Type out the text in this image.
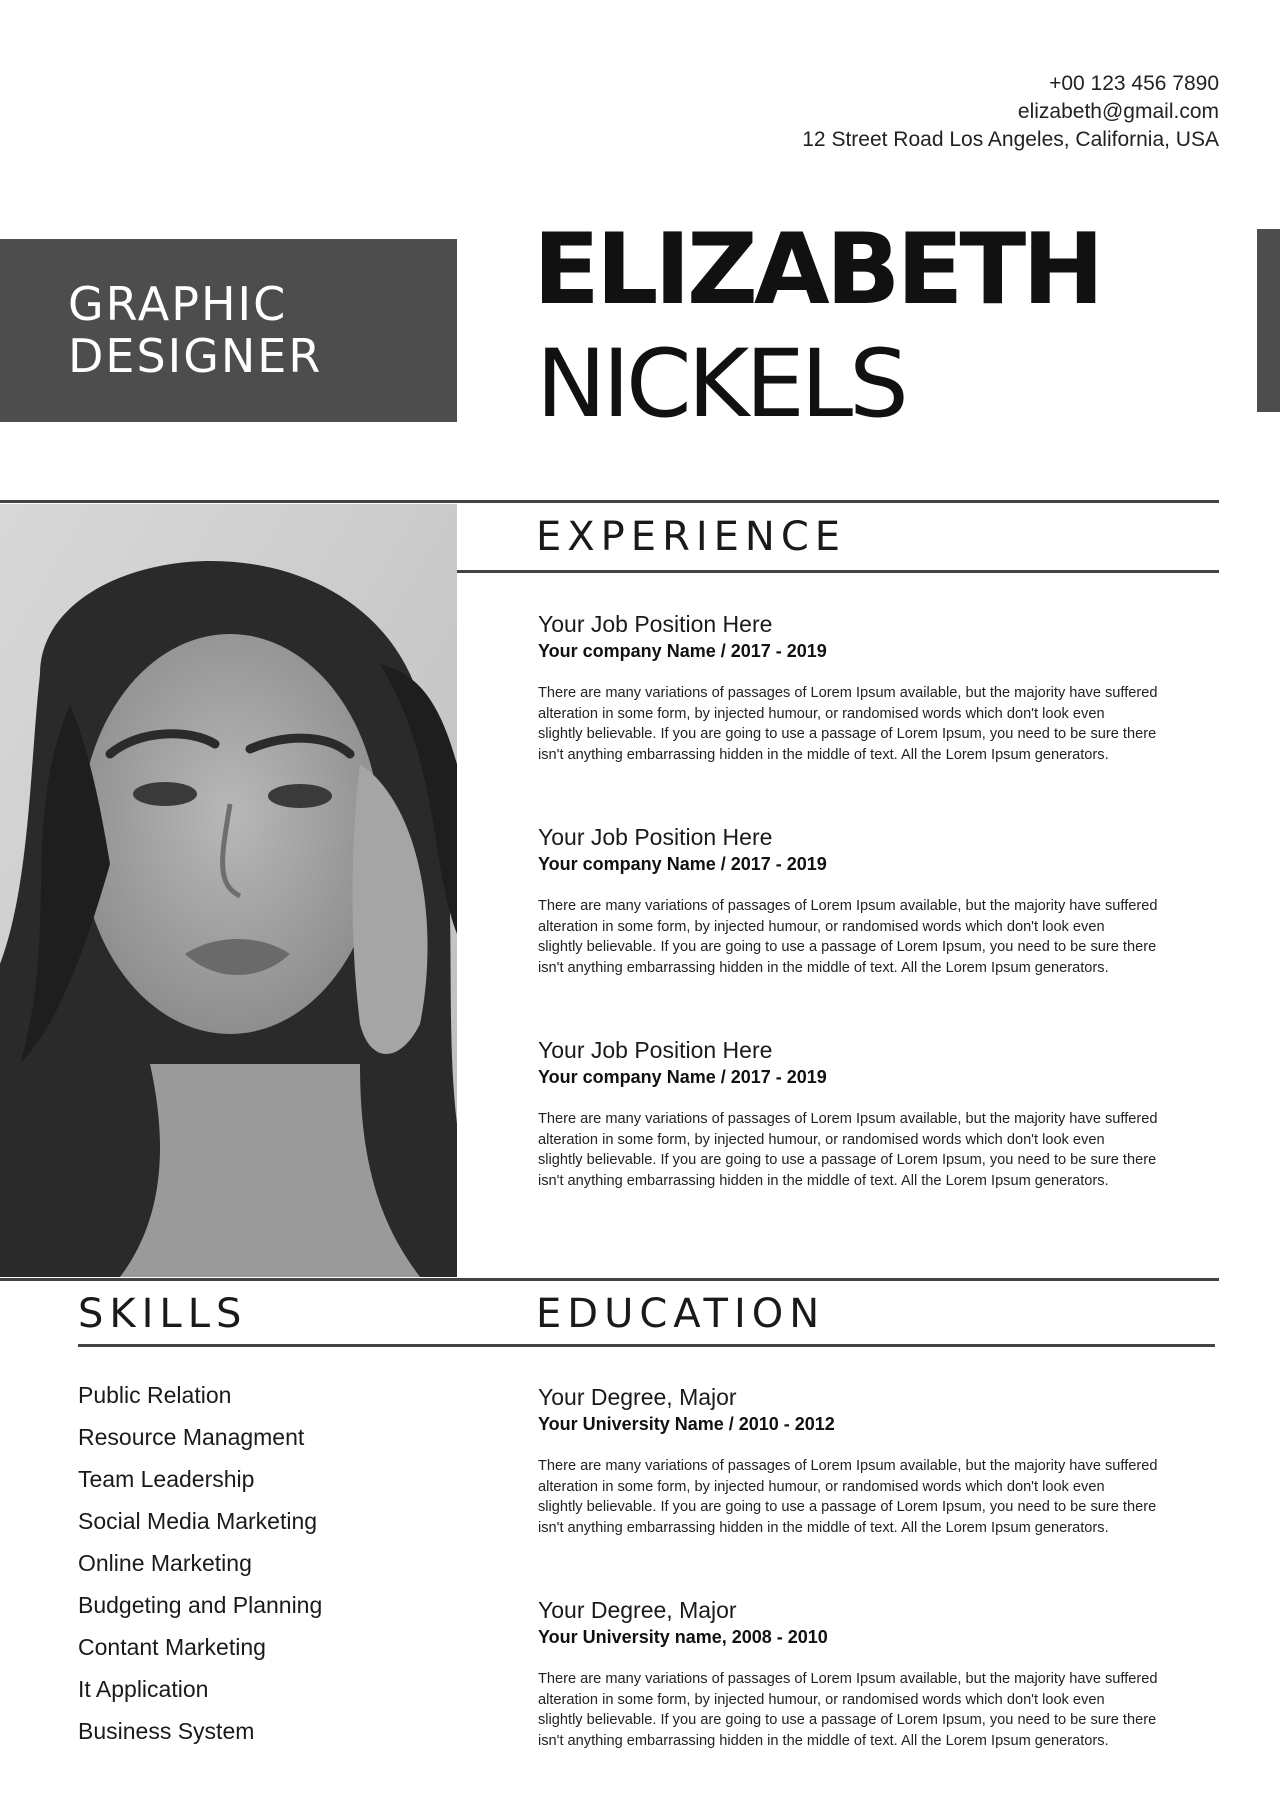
+00 123 456 7890
elizabeth@gmail.com
12 Street Road Los Angeles, California, USA
GRAPHIC
DESIGNER
ELIZABETH
NICKELS
EXPERIENCE
Your Job Position Here
Your company Name / 2017 - 2019
There are many variations of passages of Lorem Ipsum available, but the majority have suffered
alteration in some form, by injected humour, or randomised words which don't look even
slightly believable. If you are going to use a passage of Lorem Ipsum, you need to be sure there
isn't anything embarrassing hidden in the middle of text. All the Lorem Ipsum generators.
Your Job Position Here
Your company Name / 2017 - 2019
There are many variations of passages of Lorem Ipsum available, but the majority have suffered
alteration in some form, by injected humour, or randomised words which don't look even
slightly believable. If you are going to use a passage of Lorem Ipsum, you need to be sure there
isn't anything embarrassing hidden in the middle of text. All the Lorem Ipsum generators.
Your Job Position Here
Your company Name / 2017 - 2019
There are many variations of passages of Lorem Ipsum available, but the majority have suffered
alteration in some form, by injected humour, or randomised words which don't look even
slightly believable. If you are going to use a passage of Lorem Ipsum, you need to be sure there
isn't anything embarrassing hidden in the middle of text. All the Lorem Ipsum generators.
SKILLS	EDUCATION
Public Relation
Resource Managment
Team Leadership
Social Media Marketing
Online Marketing
Budgeting and Planning
Contant Marketing
It Application
Business System
Your Degree, Major
Your University Name / 2010 - 2012
There are many variations of passages of Lorem Ipsum available, but the majority have suffered
alteration in some form, by injected humour, or randomised words which don't look even
slightly believable. If you are going to use a passage of Lorem Ipsum, you need to be sure there
isn't anything embarrassing hidden in the middle of text. All the Lorem Ipsum generators.
Your Degree, Major
Your University name, 2008 - 2010
There are many variations of passages of Lorem Ipsum available, but the majority have suffered
alteration in some form, by injected humour, or randomised words which don't look even
slightly believable. If you are going to use a passage of Lorem Ipsum, you need to be sure there
isn't anything embarrassing hidden in the middle of text. All the Lorem Ipsum generators.
